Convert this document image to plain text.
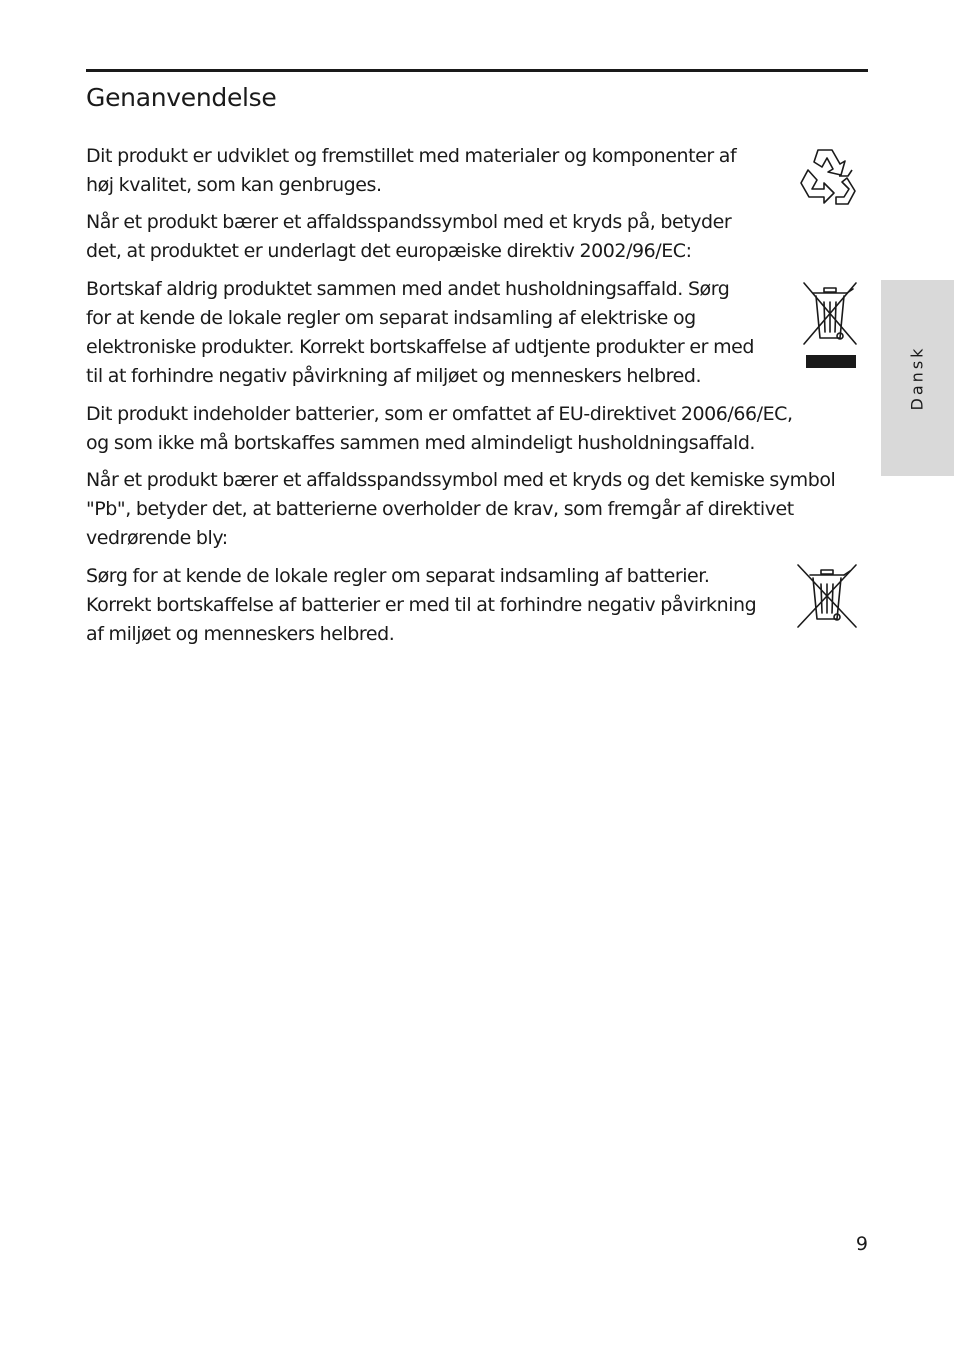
Genanvendelse

Dit produkt er udviklet og fremstillet med materialer og komponenter af
høj kvalitet, som kan genbruges.

Når et produkt bærer et affaldsspandssymbol med et kryds på, betyder
det, at produktet er underlagt det europæiske direktiv 2002/96/EC:

Bortskaf aldrig produktet sammen med andet husholdningsaffald. Sørg
for at kende de lokale regler om separat indsamling af elektriske og
elektroniske produkter. Korrekt bortskaffelse af udtjente produkter er med
til at forhindre negativ påvirkning af miljøet og menneskers helbred.

Dit produkt indeholder batterier, som er omfattet af EU-direktivet 2006/66/EC,
og som ikke må bortskaffes sammen med almindeligt husholdningsaffald.

Når et produkt bærer et affaldsspandssymbol med et kryds og det kemiske symbol
"Pb", betyder det, at batterierne overholder de krav, som fremgår af direktivet
vedrørende bly:

Sørg for at kende de lokale regler om separat indsamling af batterier.
Korrekt bortskaffelse af batterier er med til at forhindre negativ påvirkning
af miljøet og menneskers helbred.

Dansk
9
